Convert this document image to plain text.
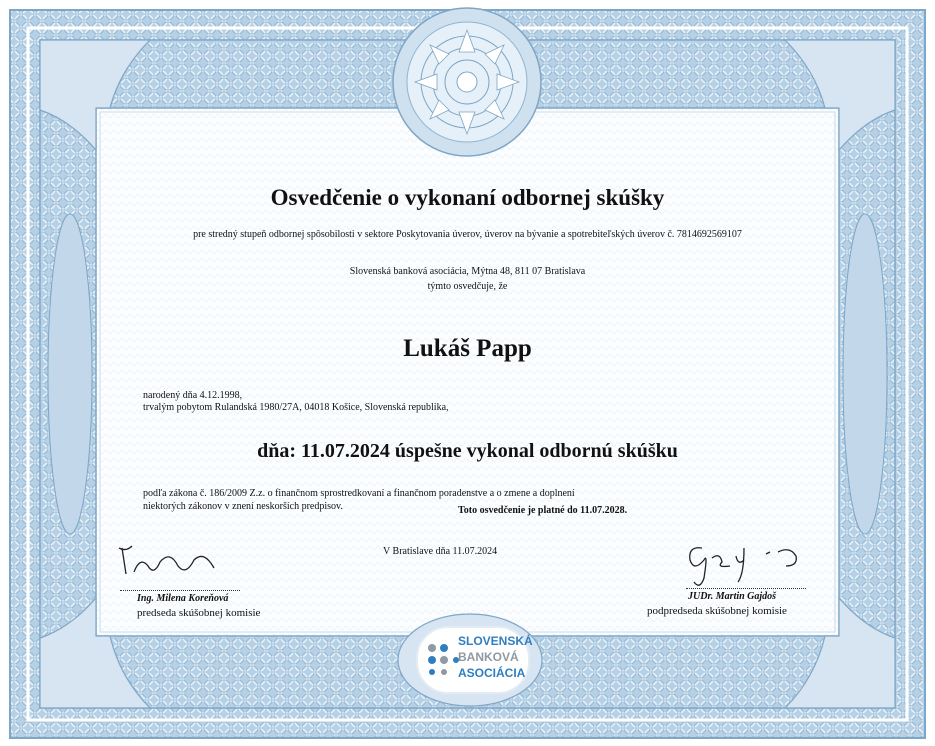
Osvedčenie o vykonaní odbornej skúšky
pre stredný stupeň odbornej spôsobilosti v sektore Poskytovania úverov, úverov na bývanie a spotrebiteľských úverov č. 7814692569107
Slovenská banková asociácia, Mýtna 48, 811 07 Bratislava
týmto osvedčuje, že
Lukáš Papp
narodený dňa 4.12.1998,
trvalým pobytom Rulandská 1980/27A, 04018 Košice, Slovenská republika,
dňa: 11.07.2024 úspešne vykonal odbornú skúšku
podľa zákona č. 186/2009 Z.z. o finančnom sprostredkovaní a finančnom poradenstve a o zmene a doplnení
niektorých zákonov v znení neskorších predpisov.	Toto osvedčenie je platné do 11.07.2028.
V Bratislave dňa 11.07.2024
Ing. Milena Koreňová
predseda skúšobnej komisie
JUDr. Martin Gajdoš
podpredseda skúšobnej komisie
SLOVENSKÁ
BANKOVÁ
ASOCIÁCIA
